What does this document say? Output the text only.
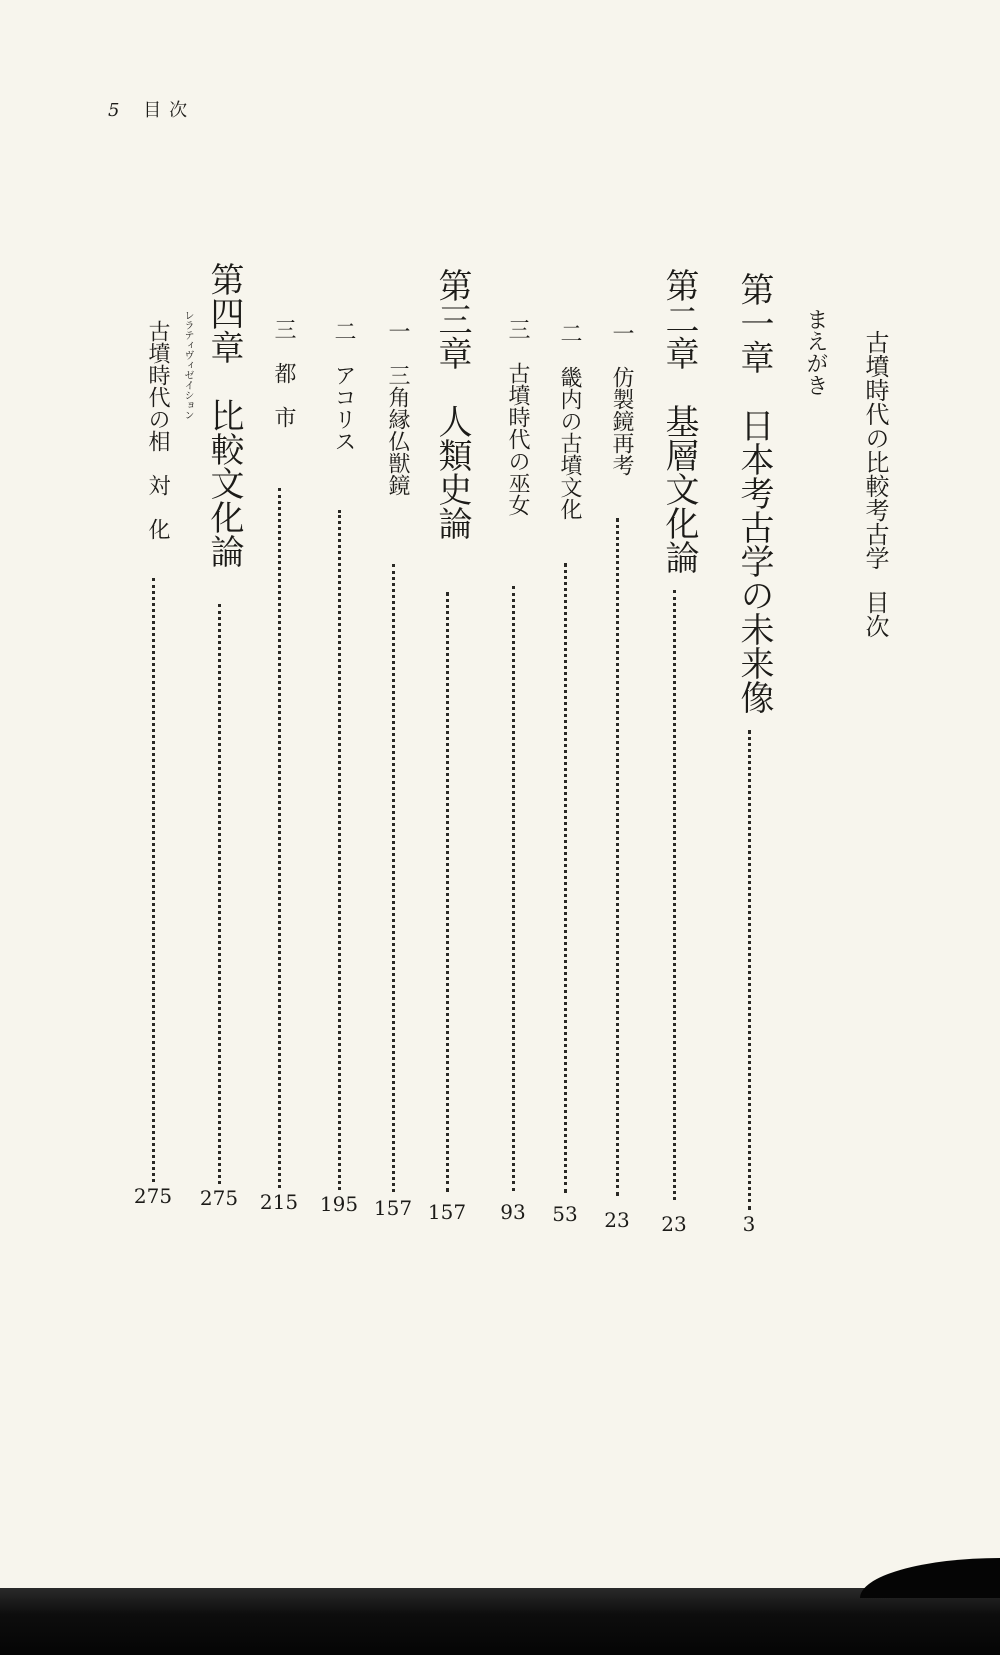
5 目次
古墳時代の比較考古学目次
まえがき
第一章　日本考古学の未来像
3
第二章　基層文化論
23
一　仿製鏡再考
23
二　畿内の古墳文化
53
三　古墳時代の巫女
93
第三章　人類史論
157
一　三角縁仏獣鏡
157
二　アコリス
195
三　都　市
215
第四章　比較文化論
275
古墳時代の相　対　化 レラティヴィゼイション
275
